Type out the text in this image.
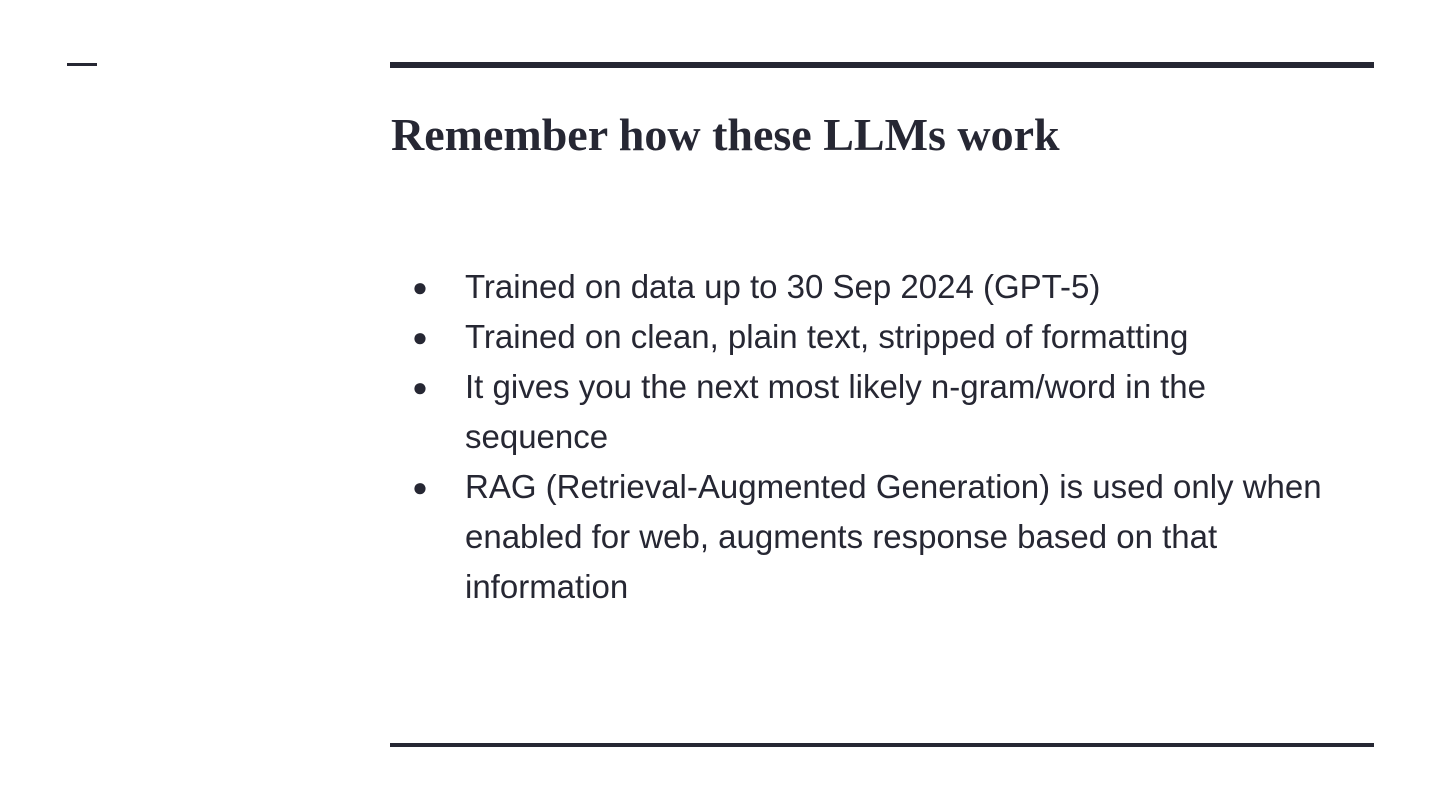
Remember how these LLMs work
● Trained on data up to 30 Sep 2024 (GPT-5)
● Trained on clean, plain text, stripped of formatting
● It gives you the next most likely n-gram/word in the sequence
● RAG (Retrieval-Augmented Generation) is used only when enabled for web, augments response based on that information
